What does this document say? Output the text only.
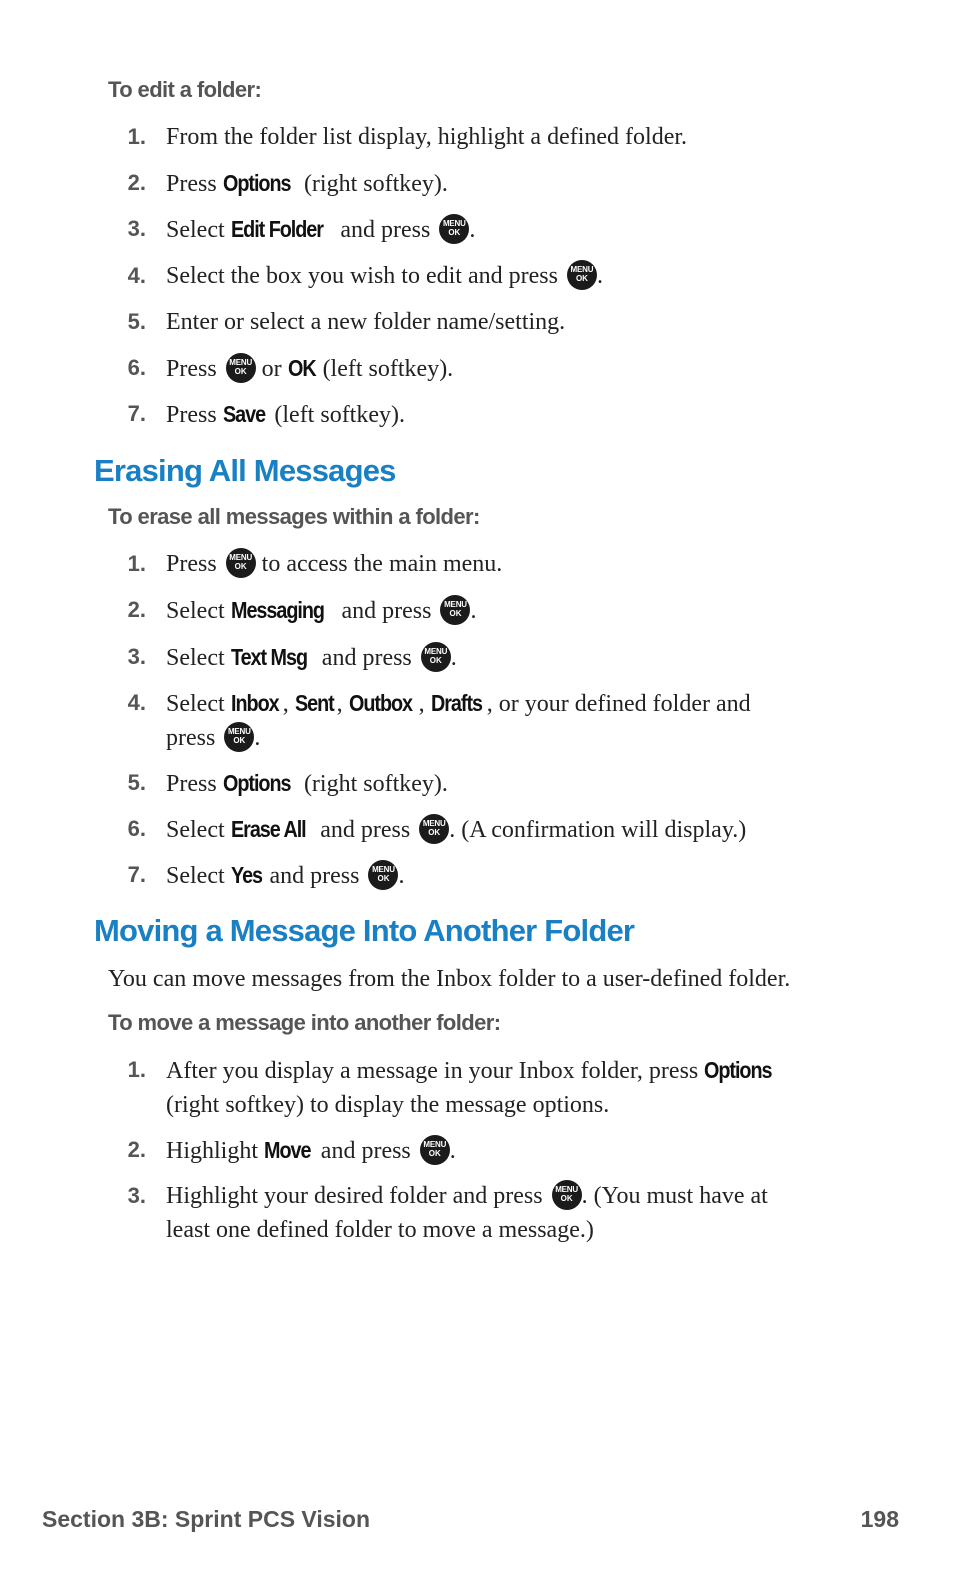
To edit a folder:
1. From the folder list display, highlight a defined folder.
2. Press Options (right softkey).
3. Select Edit Folder and press MENU OK.
4. Select the box you wish to edit and press MENU OK.
5. Enter or select a new folder name/setting.
6. Press MENU OK or OK (left softkey).
7. Press Save (left softkey).
Erasing All Messages
To erase all messages within a folder:
1. Press MENU OK to access the main menu.
2. Select Messaging and press MENU OK.
3. Select Text Msg and press MENU OK.
4. Select Inbox , Sent , Outbox , Drafts , or your defined folder and
press MENU OK.
5. Press Options (right softkey).
6. Select Erase All and press MENU OK. (A confirmation will display.)
7. Select Yes and press MENU OK.
Moving a Message Into Another Folder
You can move messages from the Inbox folder to a user-defined folder.
To move a message into another folder:
1. After you display a message in your Inbox folder, press Options
(right softkey) to display the message options.
2. Highlight Move and press MENU OK.
3. Highlight your desired folder and press MENU OK. (You must have at
least one defined folder to move a message.)
Section 3B: Sprint PCS Vision	198
